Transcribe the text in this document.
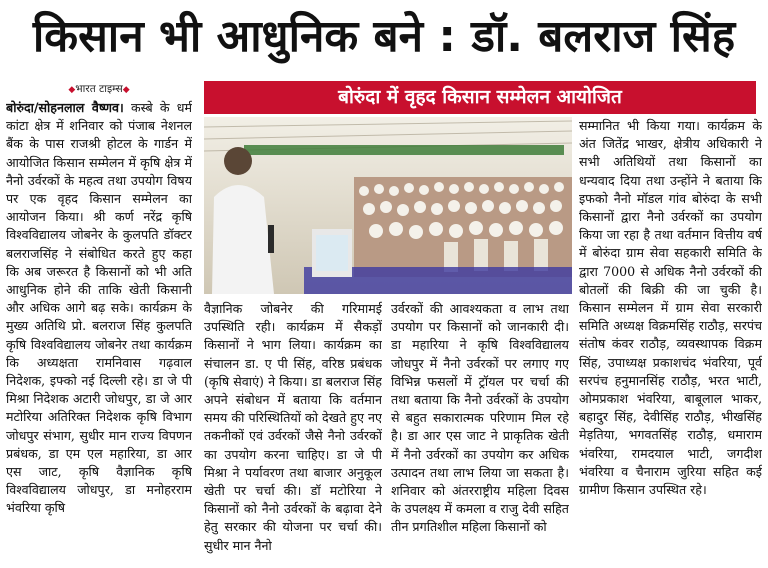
किसान भी आधुनिक बने : डॉ. बलराज सिंह
◆भारत टाइम्स◆	बोरुंदा में वृहद किसान सम्मेलन आयोजित
बोरुंदा/सोहनलाल वैष्णव। कस्बे के धर्म कांटा क्षेत्र में शनिवार को पंजाब नेशनल बैंक के पास राजश्री होटल के गार्डन में आयोजित किसान सम्मेलन में कृषि क्षेत्र में नैनो उर्वरकों के महत्व तथा उपयोग विषय पर एक वृहद किसान सम्मेलन का आयोजन किया। श्री कर्ण नरेंद्र कृषि विश्वविद्यालय जोबनेर के कुलपति डॉक्टर बलराजसिंह ने संबोधित करते हुए कहा कि अब जरूरत है किसानों को भी अति आधुनिक होने की ताकि खेती किसानी और अधिक आगे बढ़ सके। कार्यक्रम के मुख्य अतिथि प्रो. बलराज सिंह कुलपति कृषि विश्वविद्यालय जोबनेर तथा कार्यक्रम कि अध्यक्षता रामनिवास गढ़वाल निदेशक, इफ्को नई दिल्ली रहे। डा जे पी मिश्रा निदेशक अटारी जोधपुर, डा जे आर मटोरिया अतिरिक्त निदेशक कृषि विभाग जोधपुर संभाग, सुधीर मान राज्य विपणन प्रबंधक, डा एम एल महारिया, डा आर एस जाट, कृषि वैज्ञानिक कृषि विश्वविद्यालय जोधपुर, डा मनोहरराम भंवरिया कृषि
वैज्ञानिक जोबनेर की गरिमामई उपस्थिति रही। कार्यक्रम में सैकड़ों किसानों ने भाग लिया। कार्यक्रम का संचालन डा. ए पी सिंह, वरिष्ठ प्रबंधक (कृषि सेवाएं) ने किया। डा बलराज सिंह अपने संबोधन में बताया कि वर्तमान समय की परिस्थितियों को देखते हुए नए तकनीकों एवं उर्वरकों जैसे नैनो उर्वरकों का उपयोग करना चाहिए। डा जे पी मिश्रा ने पर्यावरण तथा बाजार अनुकूल खेती पर चर्चा की। डॉ मटोरिया ने किसानों को नैनो उर्वरकों के बढ़ावा देने हेतु सरकार की योजना पर चर्चा की। सुधीर मान नैनो
उर्वरकों की आवश्यकता व लाभ तथा उपयोग पर किसानों को जानकारी दी। डा महारिया ने कृषि विश्वविद्यालय जोधपुर में नैनो उर्वरकों पर लगाए गए विभिन्न फसलों में ट्रॉयल पर चर्चा की तथा बताया कि नैनो उर्वरकों के उपयोग से बहुत सकारात्मक परिणाम मिल रहे है। डा आर एस जाट ने प्राकृतिक खेती में नैनो उर्वरकों का उपयोग कर अधिक उत्पादन तथा लाभ लिया जा सकता है। शनिवार को अंतरराष्ट्रीय महिला दिवस के उपलक्ष्य में कमला व राजु देवी सहित तीन प्रगतिशील महिला किसानों को
सम्मानित भी किया गया। कार्यक्रम के अंत जितेंद्र भाखर, क्षेत्रीय अधिकारी ने सभी अतिथियों तथा किसानों का धन्यवाद दिया तथा उन्होंने ने बताया कि इफको नैनो मॉडल गांव बोरुंदा के सभी किसानों द्वारा नैनो उर्वरकों का उपयोग किया जा रहा है तथा वर्तमान वित्तीय वर्ष में बोरुंदा ग्राम सेवा सहकारी समिति के द्वारा 7000 से अधिक नैनो उर्वरकों की बोतलों की बिक्री की जा चुकी है। किसान सम्मेलन में ग्राम सेवा सरकारी समिति अध्यक्ष विक्रमसिंह राठौड़, सरपंच संतोष कंवर राठौड़, व्यवस्थापक विक्रम सिंह, उपाध्यक्ष प्रकाशचंद भंवरिया, पूर्व सरपंच हनुमानसिंह राठौड़, भरत भाटी, ओमप्रकाश भंवरिया, बाबूलाल भाकर, बहादुर सिंह, देवीसिंह राठौड़, भीखसिंह मेड़तिया, भगवतसिंह राठौड़, धमाराम भंवरिया, रामदयाल भाटी, जगदीश भंवरिया व चैनाराम जुरिया सहित कई ग्रामीण किसान उपस्थित रहे।
